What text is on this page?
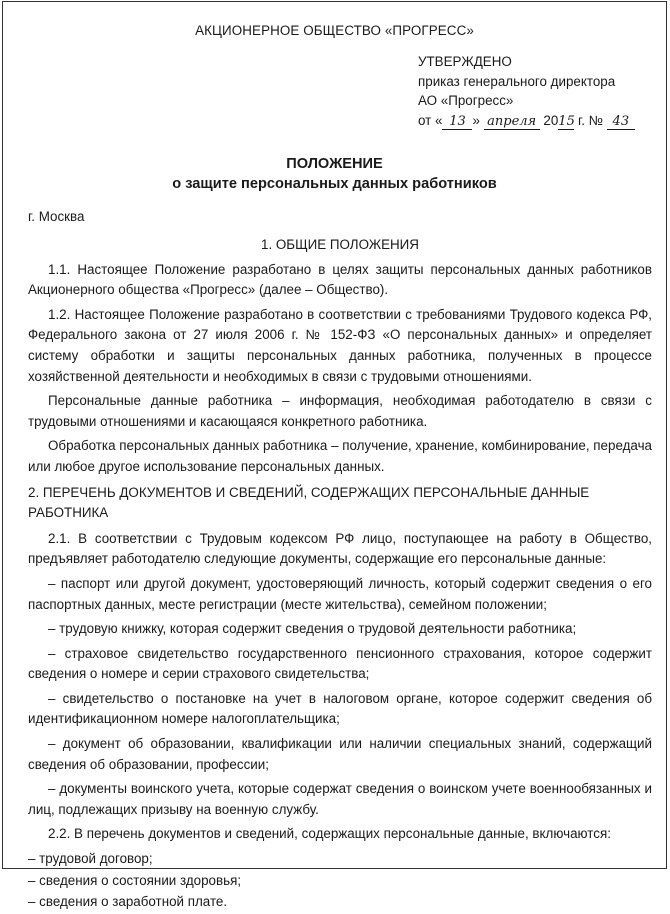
АКЦИОНЕРНОЕ ОБЩЕСТВО «ПРОГРЕСС»
УТВЕРЖДЕНО
приказ генерального директора
АО «Прогресс»
от « 13 » апреля 2015 г. № 43
ПОЛОЖЕНИЕ
о защите персональных данных работников
г. Москва
1. ОБЩИЕ ПОЛОЖЕНИЯ
1.1. Настоящее Положение разработано в целях защиты персональных данных работников Акционерного общества «Прогресс» (далее – Общество).
1.2. Настоящее Положение разработано в соответствии с требованиями Трудового кодекса РФ, Федерального закона от 27 июля 2006 г. № 152-ФЗ «О персональных данных» и определяет систему обработки и защиты персональных данных работника, полученных в процессе хозяйственной деятельности и необходимых в связи с трудовыми отношениями.
Персональные данные работника – информация, необходимая работодателю в связи с трудовыми отношениями и касающаяся конкретного работника.
Обработка персональных данных работника – получение, хранение, комбинирование, передача или любое другое использование персональных данных.
2. ПЕРЕЧЕНЬ ДОКУМЕНТОВ И СВЕДЕНИЙ, СОДЕРЖАЩИХ ПЕРСОНАЛЬНЫЕ ДАННЫЕ РАБОТНИКА
2.1. В соответствии с Трудовым кодексом РФ лицо, поступающее на работу в Общество, предъявляет работодателю следующие документы, содержащие его персональные данные:
– паспорт или другой документ, удостоверяющий личность, который содержит сведения о его паспортных данных, месте регистрации (месте жительства), семейном положении;
– трудовую книжку, которая содержит сведения о трудовой деятельности работника;
– страховое свидетельство государственного пенсионного страхования, которое содержит сведения о номере и серии страхового свидетельства;
– свидетельство о постановке на учет в налоговом органе, которое содержит сведения об идентификационном номере налогоплательщика;
– документ об образовании, квалификации или наличии специальных знаний, содержащий сведения об образовании, профессии;
– документы воинского учета, которые содержат сведения о воинском учете военнообязанных и лиц, подлежащих призыву на военную службу.
2.2. В перечень документов и сведений, содержащих персональные данные, включаются:
– трудовой договор;
– сведения о состоянии здоровья;
– сведения о заработной плате.
